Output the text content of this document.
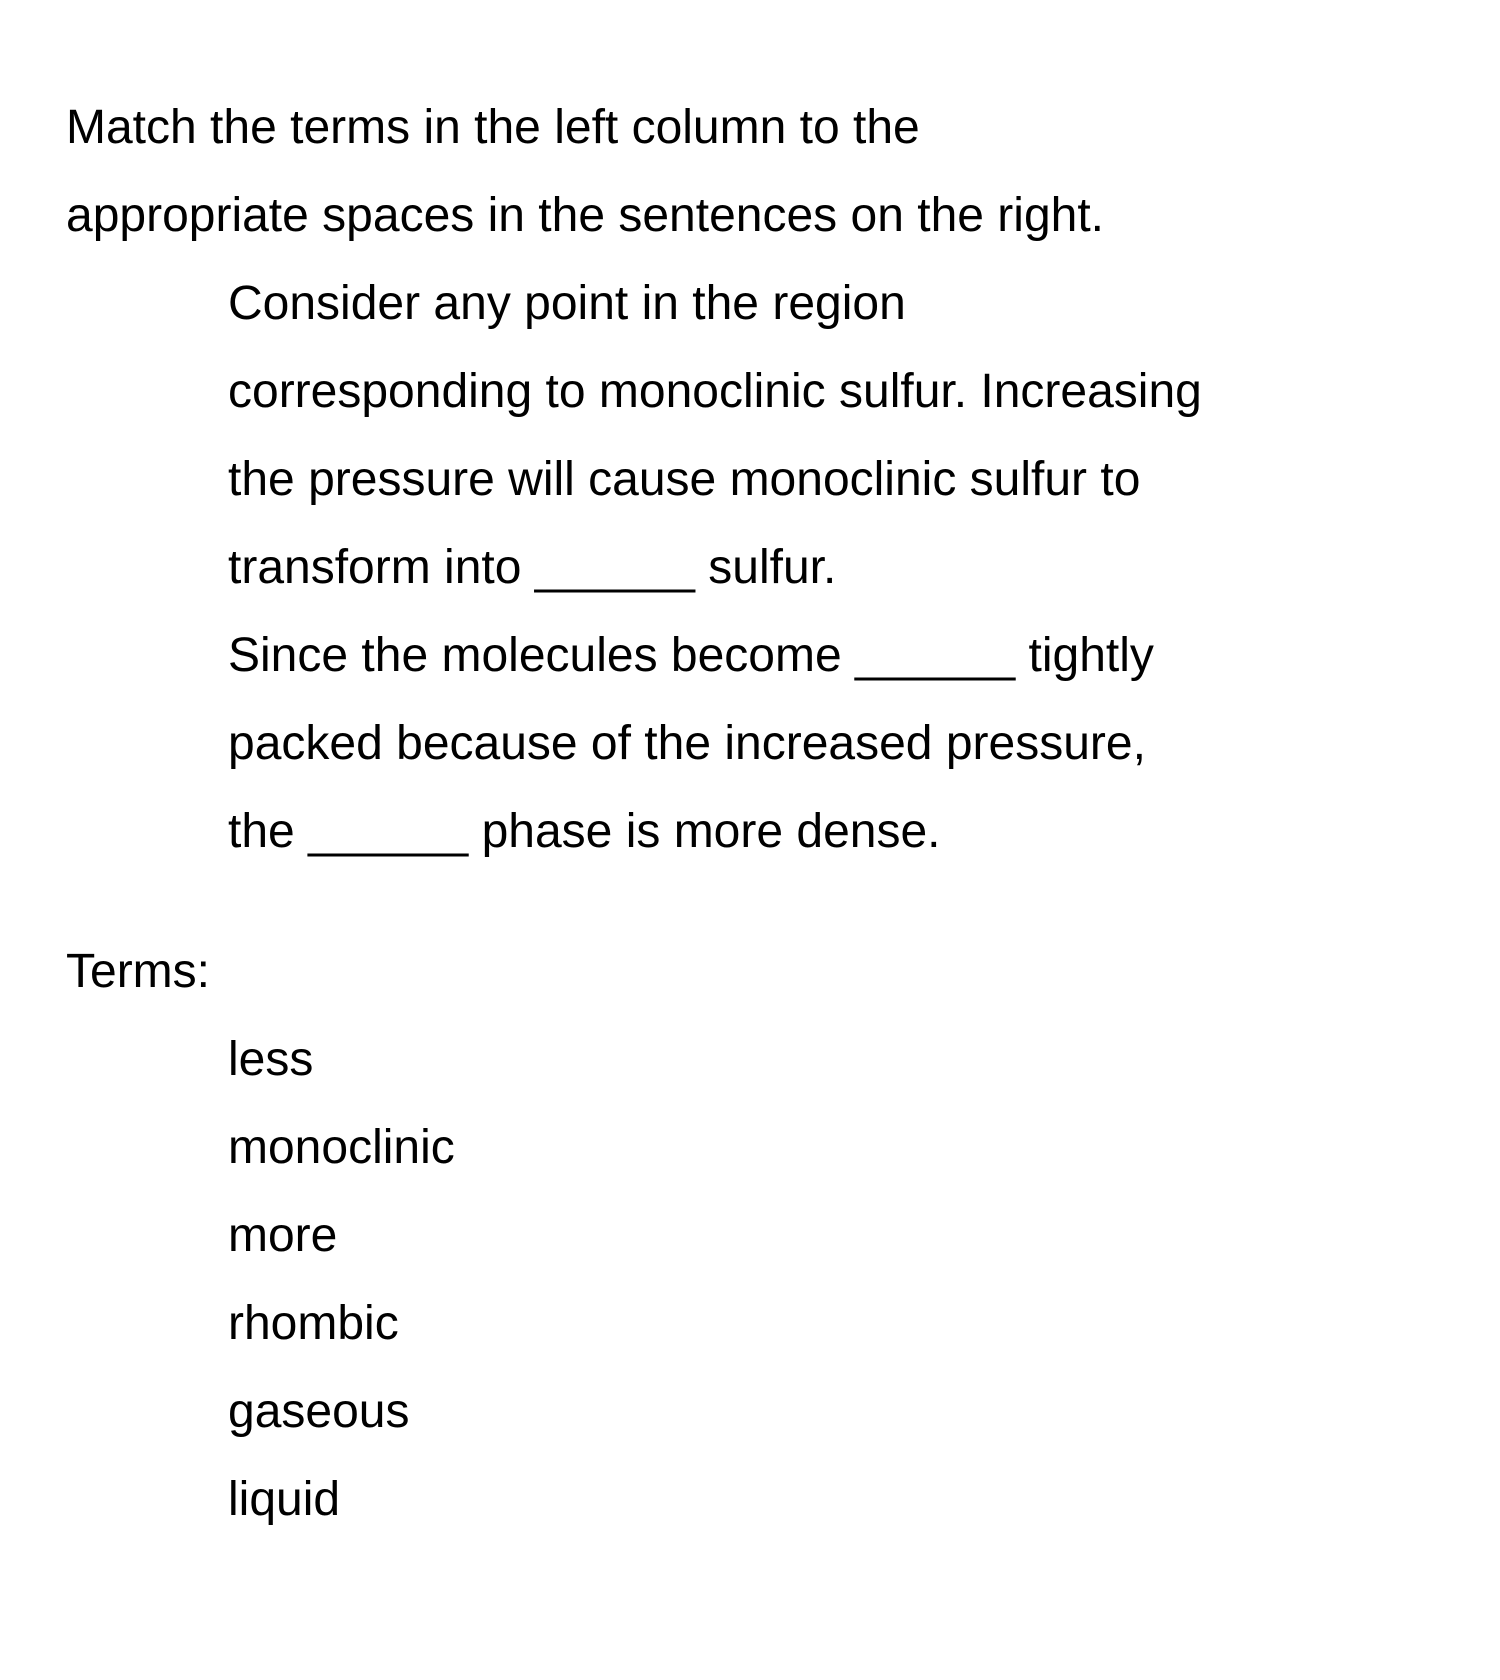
Match the terms in the left column to the
appropriate spaces in the sentences on the right.
Consider any point in the region
corresponding to monoclinic sulfur. Increasing
the pressure will cause monoclinic sulfur to
transform into ______ sulfur.
Since the molecules become ______ tightly
packed because of the increased pressure,
the ______ phase is more dense.
Terms:
less
monoclinic
more
rhombic
gaseous
liquid
